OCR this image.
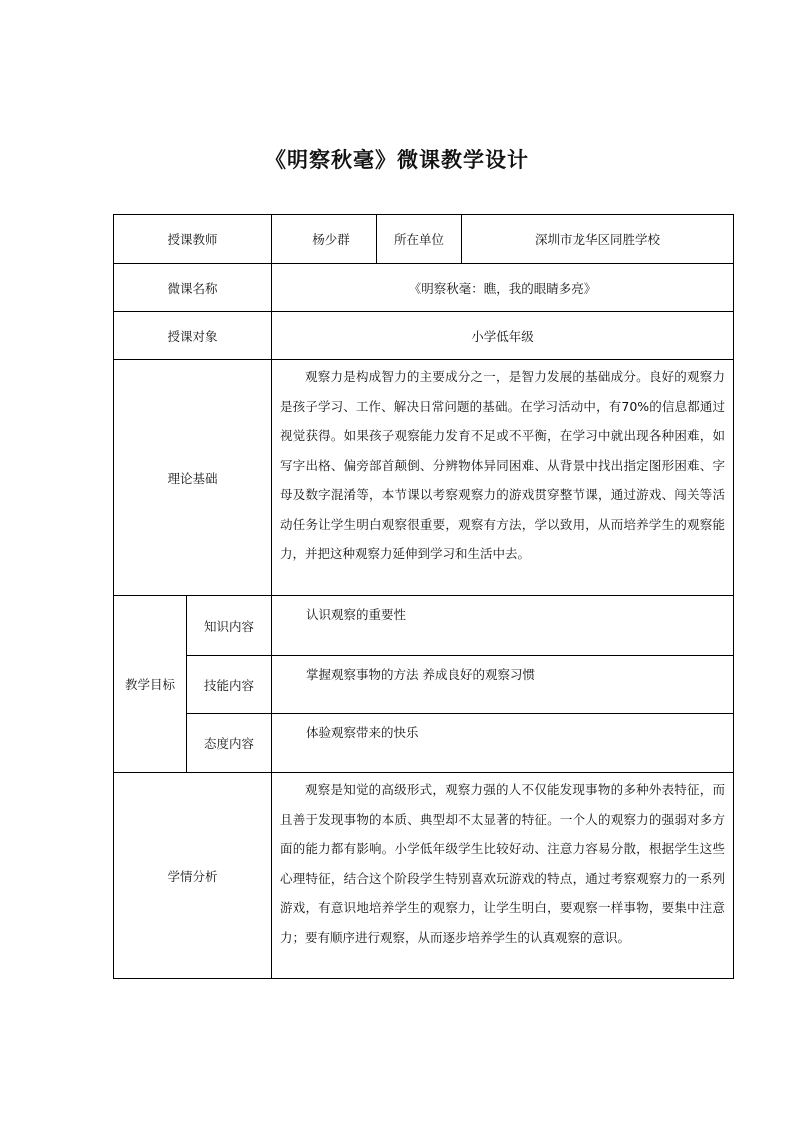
《明察秋毫》微课教学设计
授课教师		杨少群	所在单位	深圳市龙华区同胜学校
微课名称		《明察秋毫：瞧，我的眼睛多亮》		
授课对象		小学低年级		
理论基础		观察力是构成智力的主要成分之一，是智力发展的基础成分。良好的观察力是孩子学习、工作、解决日常问题的基础。在学习活动中，有70%的信息都通过视觉获得。如果孩子观察能力发育不足或不平衡，在学习中就出现各种困难，如写字出格、偏旁部首颠倒、分辨物体异同困难、从背景中找出指定图形困难、字母及数字混淆等，本节课以考察观察力的游戏贯穿整节课，通过游戏、闯关等活动任务让学生明白观察很重要，观察有方法，学以致用，从而培养学生的观察能力，并把这种观察力延伸到学习和生活中去。		
教学目标	知识内容	认识观察的重要性		
	技能内容	掌握观察事物的方法 养成良好的观察习惯		
	态度内容	体验观察带来的快乐		
学情分析		观察是知觉的高级形式，观察力强的人不仅能发现事物的多种外表特征，而且善于发现事物的本质、典型却不太显著的特征。一个人的观察力的强弱对多方面的能力都有影响。小学低年级学生比较好动、注意力容易分散，根据学生这些心理特征，结合这个阶段学生特别喜欢玩游戏的特点，通过考察观察力的一系列游戏，有意识地培养学生的观察力，让学生明白，要观察一样事物，要集中注意力；要有顺序进行观察，从而逐步培养学生的认真观察的意识。		
